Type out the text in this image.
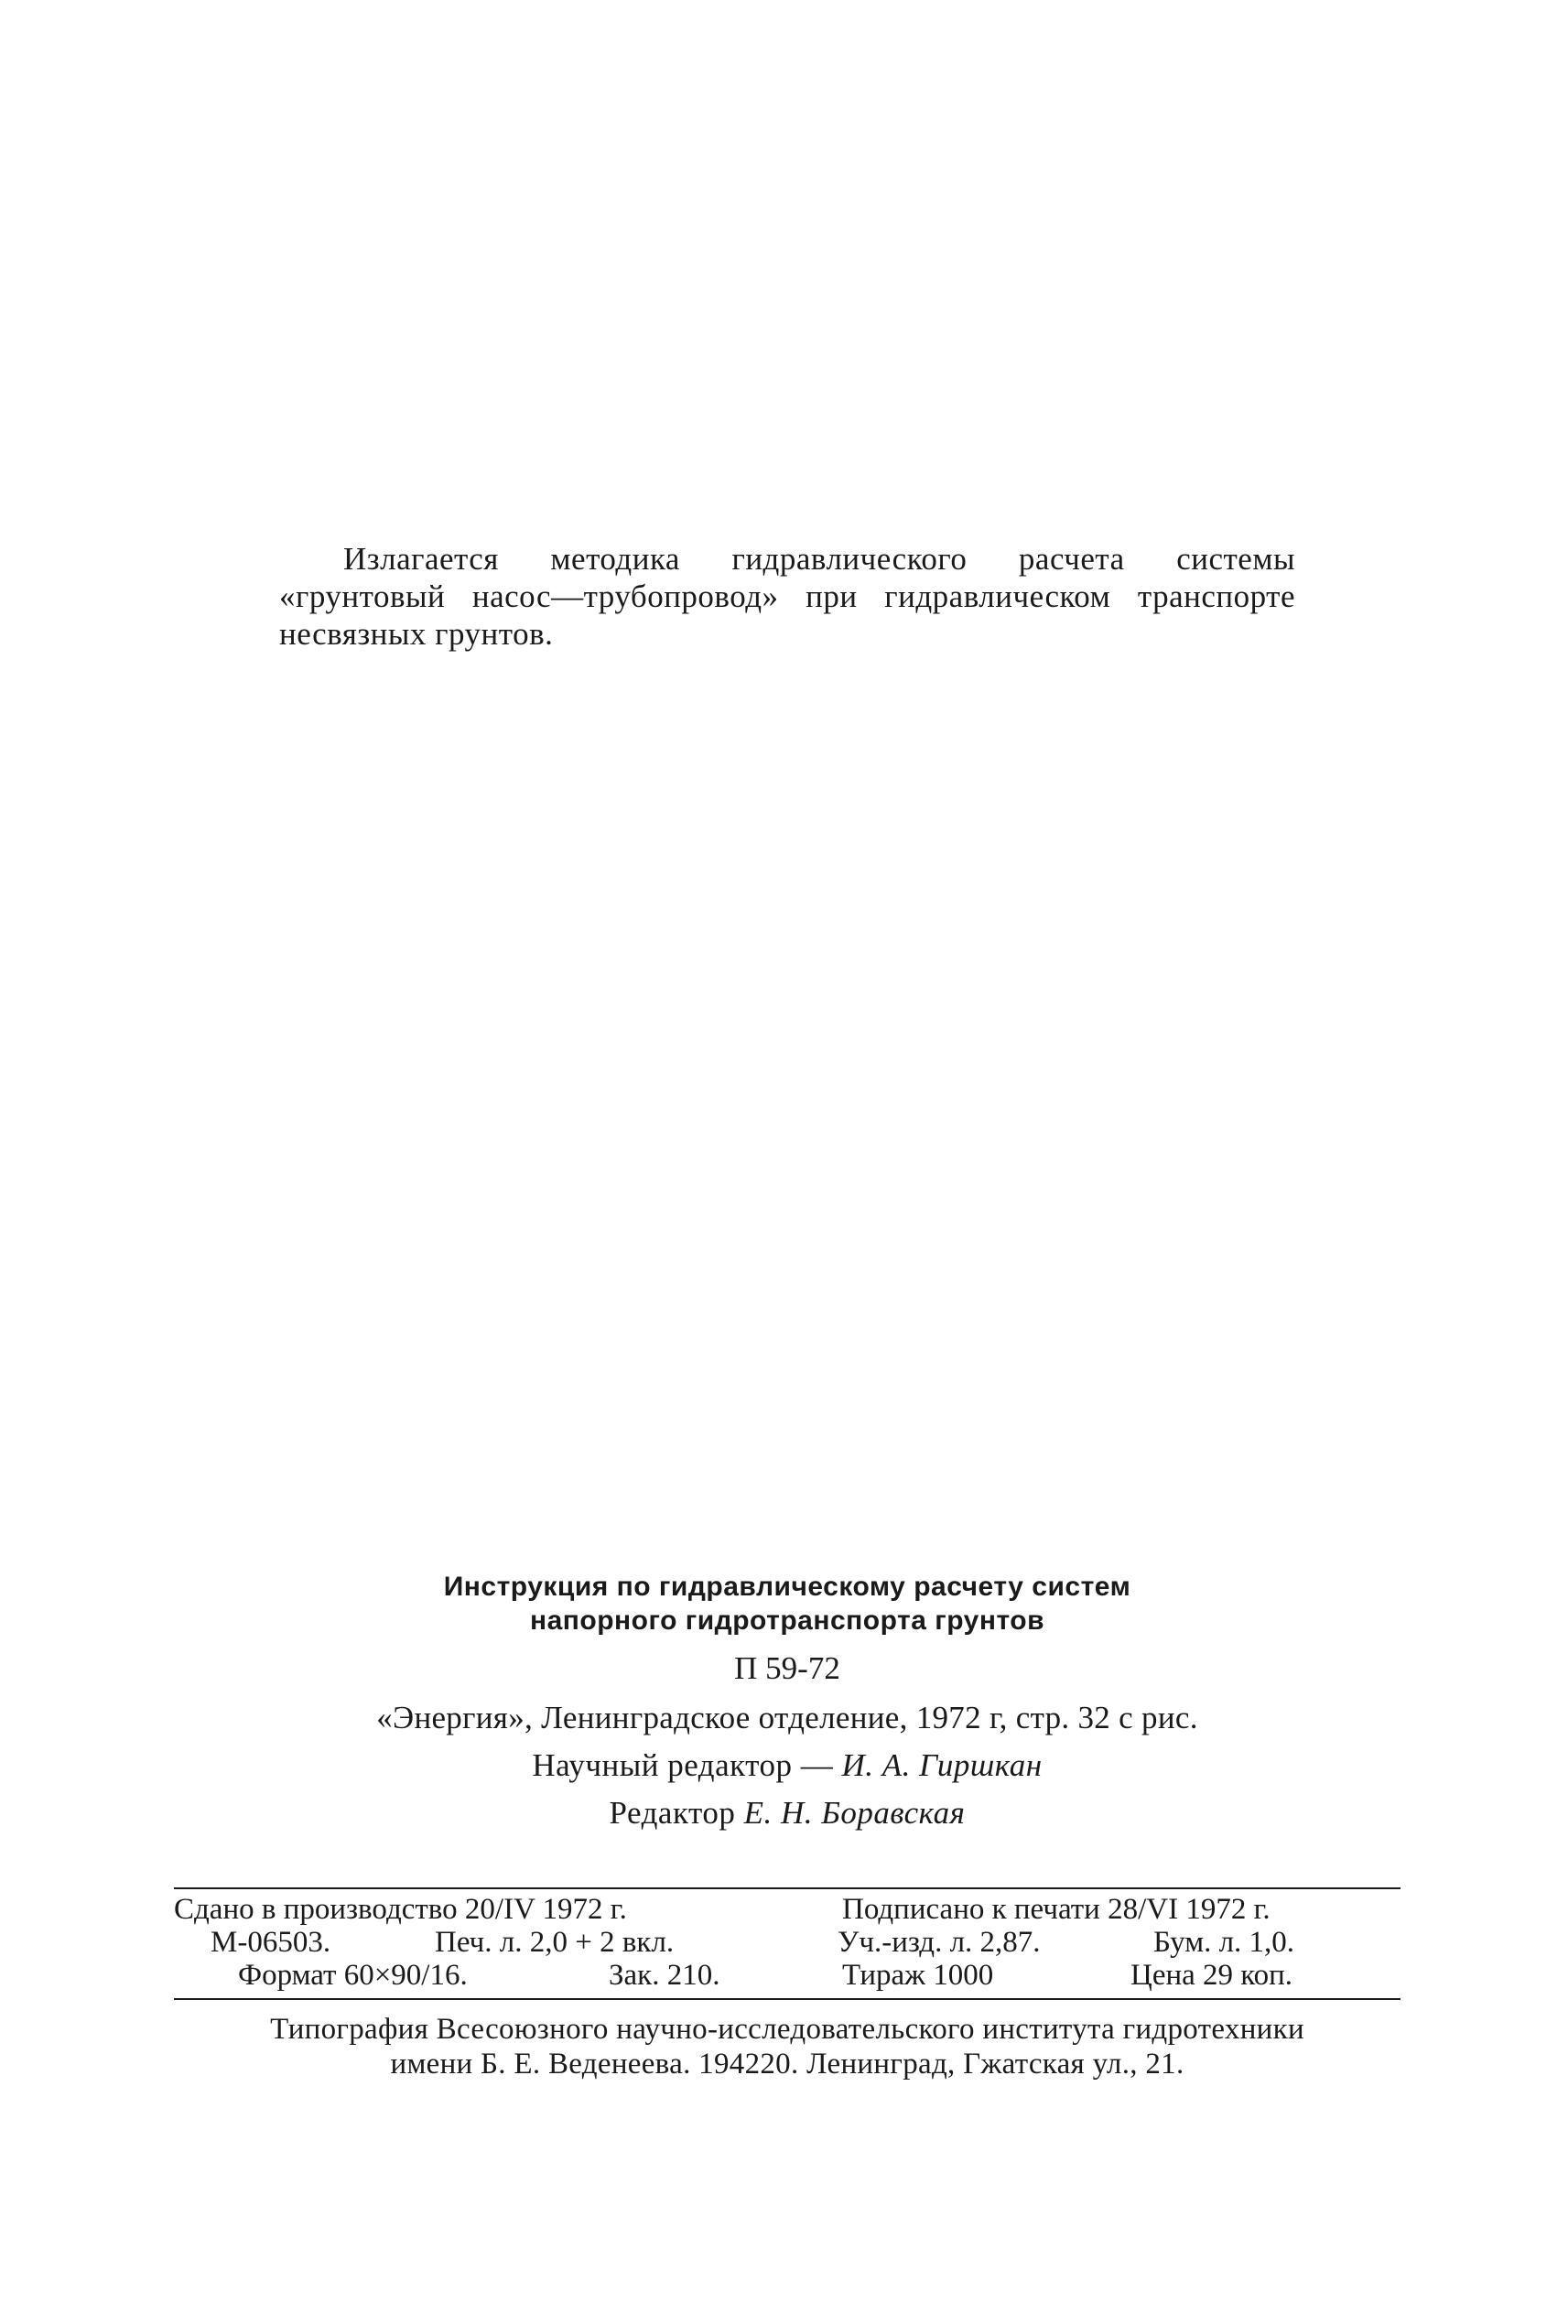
Излагается методика гидравлического расчета системы «грунтовый насос—трубопровод» при гидравлическом транспорте несвязных грунтов.

Инструкция по гидравлическому расчету систем
напорного гидротранспорта грунтов
П 59-72
«Энергия», Ленинградское отделение, 1972 г, стр. 32 с рис.
Научный редактор — И. А. Гиршкан
Редактор Е. Н. Боравская
Сдано в производство 20/IV 1972 г.	Подписано к печати 28/VI 1972 г.
М-06503.	Печ. л. 2,0 + 2 вкл.	Уч.-изд. л. 2,87.	Бум. л. 1,0.
Формат 60×90/16.	Зак. 210.	Тираж 1000	Цена 29 коп.
Типография Всесоюзного научно-исследовательского института гидротехники
имени Б. Е. Веденеева. 194220. Ленинград, Гжатская ул., 21.
